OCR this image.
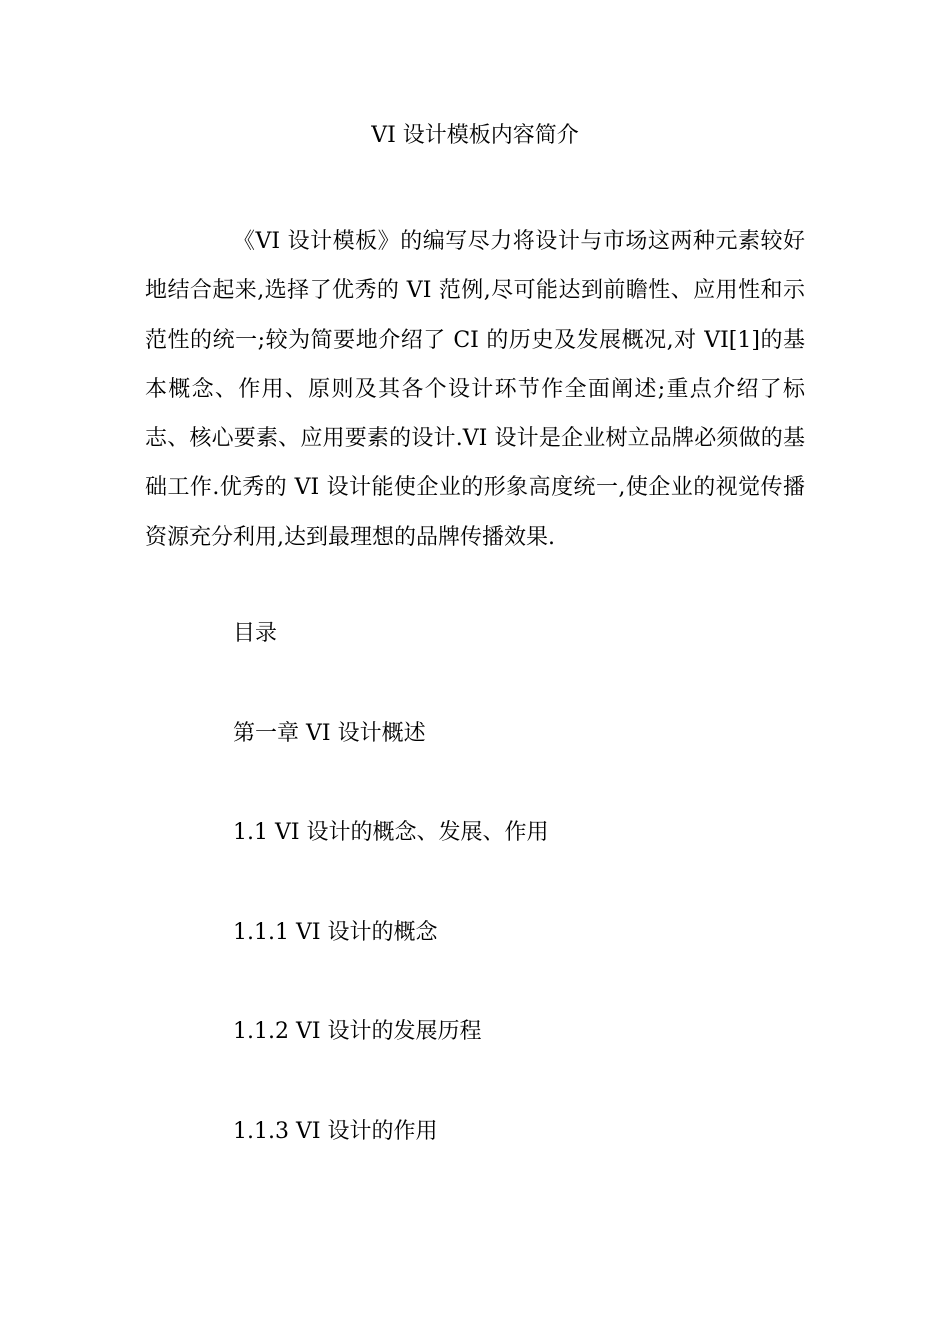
VI 设计模板内容简介

《VI 设计模板》的编写尽力将设计与市场这两种元素较好地结合起来,选择了优秀的 VI 范例,尽可能达到前瞻性、应用性和示范性的统一;较为简要地介绍了 CI 的历史及发展概况,对 VI[1]的基本概念、作用、原则及其各个设计环节作全面阐述;重点介绍了标志、核心要素、应用要素的设计.VI 设计是企业树立品牌必须做的基础工作.优秀的 VI 设计能使企业的形象高度统一,使企业的视觉传播资源充分利用,达到最理想的品牌传播效果.

目录
第一章 VI 设计概述
1.1 VI 设计的概念、发展、作用
1.1.1 VI 设计的概念
1.1.2 VI 设计的发展历程
1.1.3 VI 设计的作用
